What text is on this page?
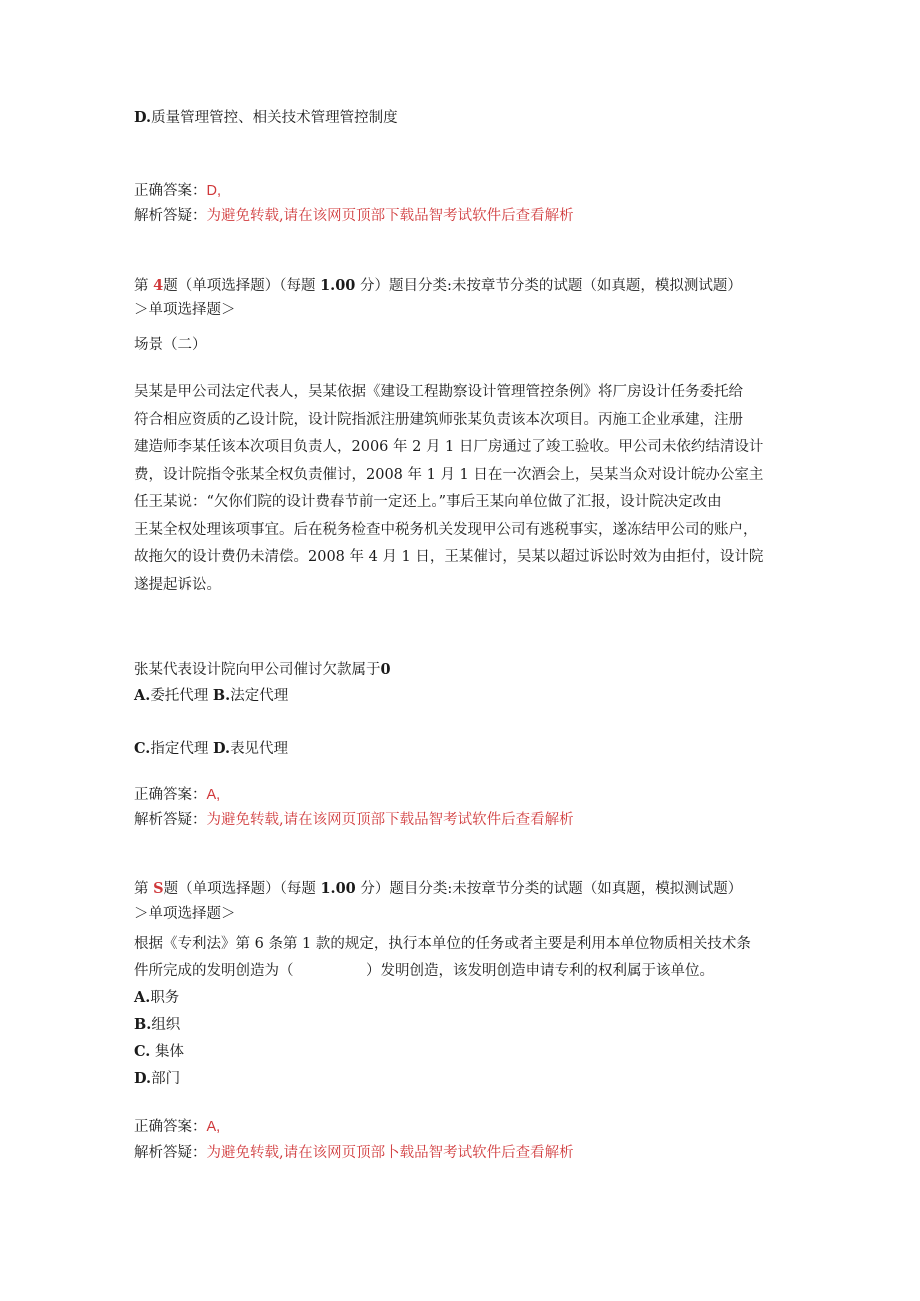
D.质量管理管控、相关技术管理管控制度
正确答案：D,
解析答疑：为避免转载,请在该网页顶部下载品智考试软件后查看解析
第 4题（单项选择题）（每题 1.00 分）题目分类:未按章节分类的试题（如真题，模拟测试题）
＞单项选择题＞
场景（二）
吴某是甲公司法定代表人，吴某依据《建设工程勘察设计管理管控条例》将厂房设计任务委托给
符合相应资质的乙设计院，设计院指派注册建筑师张某负责该本次项目。丙施工企业承建，注册
建造师李某任该本次项目负责人，2006 年 2 月 1 日厂房通过了竣工验收。甲公司未依约结清设计
费，设计院指令张某全权负责催讨，2008 年 1 月 1 日在一次酒会上，吴某当众对设计皖办公室主
任王某说：“欠你们院的设计费春节前一定还上。”事后王某向单位做了汇报，设计院决定改由
王某全权处理该项事宜。后在税务检查中税务机关发现甲公司有逃税事实，遂冻结甲公司的账户，
故拖欠的设计费仍未清偿。2008 年 4 月 1 日，王某催讨，吴某以超过诉讼时效为由拒付，设计院
遂提起诉讼。
张某代表设计院向甲公司催讨欠款属于0
A.委托代理 B.法定代理
C.指定代理 D.表见代理
正确答案：A,
解析答疑：为避免转载,请在该网页顶部下载品智考试软件后查看解析
第 S题（单项选择题）（每题 1.00 分）题目分类:未按章节分类的试题（如真题，模拟测试题）
＞单项选择题＞
根据《专利法》第 6 条第 1 款的规定，执行本单位的任务或者主要是利用本单位物质相关技术条
件所完成的发明创造为（　　　　　）发明创造，该发明创造申请专利的权利属于该单位。
A.职务
B.组织
C. 集体
D.部门
正确答案：A,
解析答疑：为避免转载,请在该网页顶部卜载品智考试软件后查看解析
